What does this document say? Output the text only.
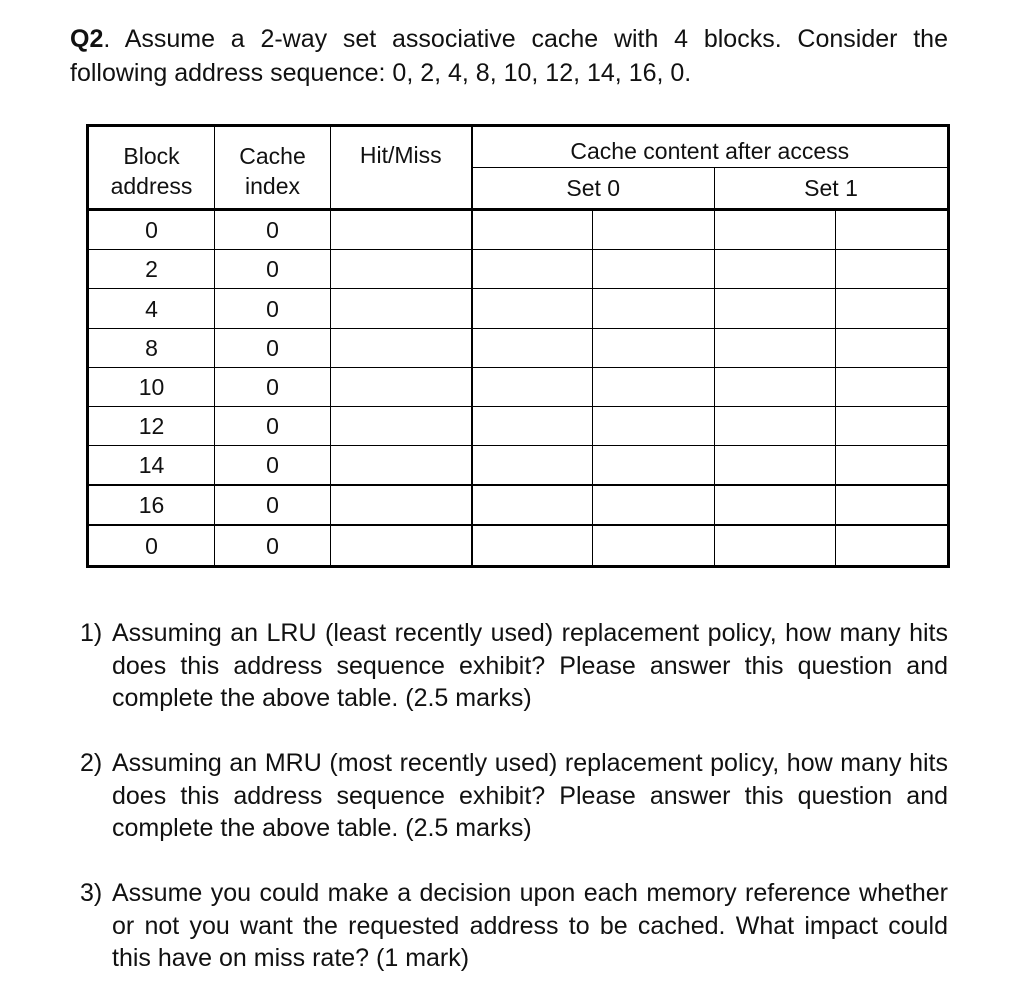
Q2. Assume a 2-way set associative cache with 4 blocks. Consider the following address sequence: 0, 2, 4, 8, 10, 12, 14, 16, 0.
Block address	Cache index	Hit/Miss	Cache content after access			
			Set 0		Set 1	
0	0					
2	0					
4	0					
8	0					
10	0					
12	0					
14	0					
16	0					
0	0					
1) Assuming an LRU (least recently used) replacement policy, how many hits does this address sequence exhibit? Please answer this question and complete the above table. (2.5 marks)
2) Assuming an MRU (most recently used) replacement policy, how many hits does this address sequence exhibit? Please answer this question and complete the above table. (2.5 marks)
3) Assume you could make a decision upon each memory reference whether or not you want the requested address to be cached. What impact could this have on miss rate? (1 mark)
